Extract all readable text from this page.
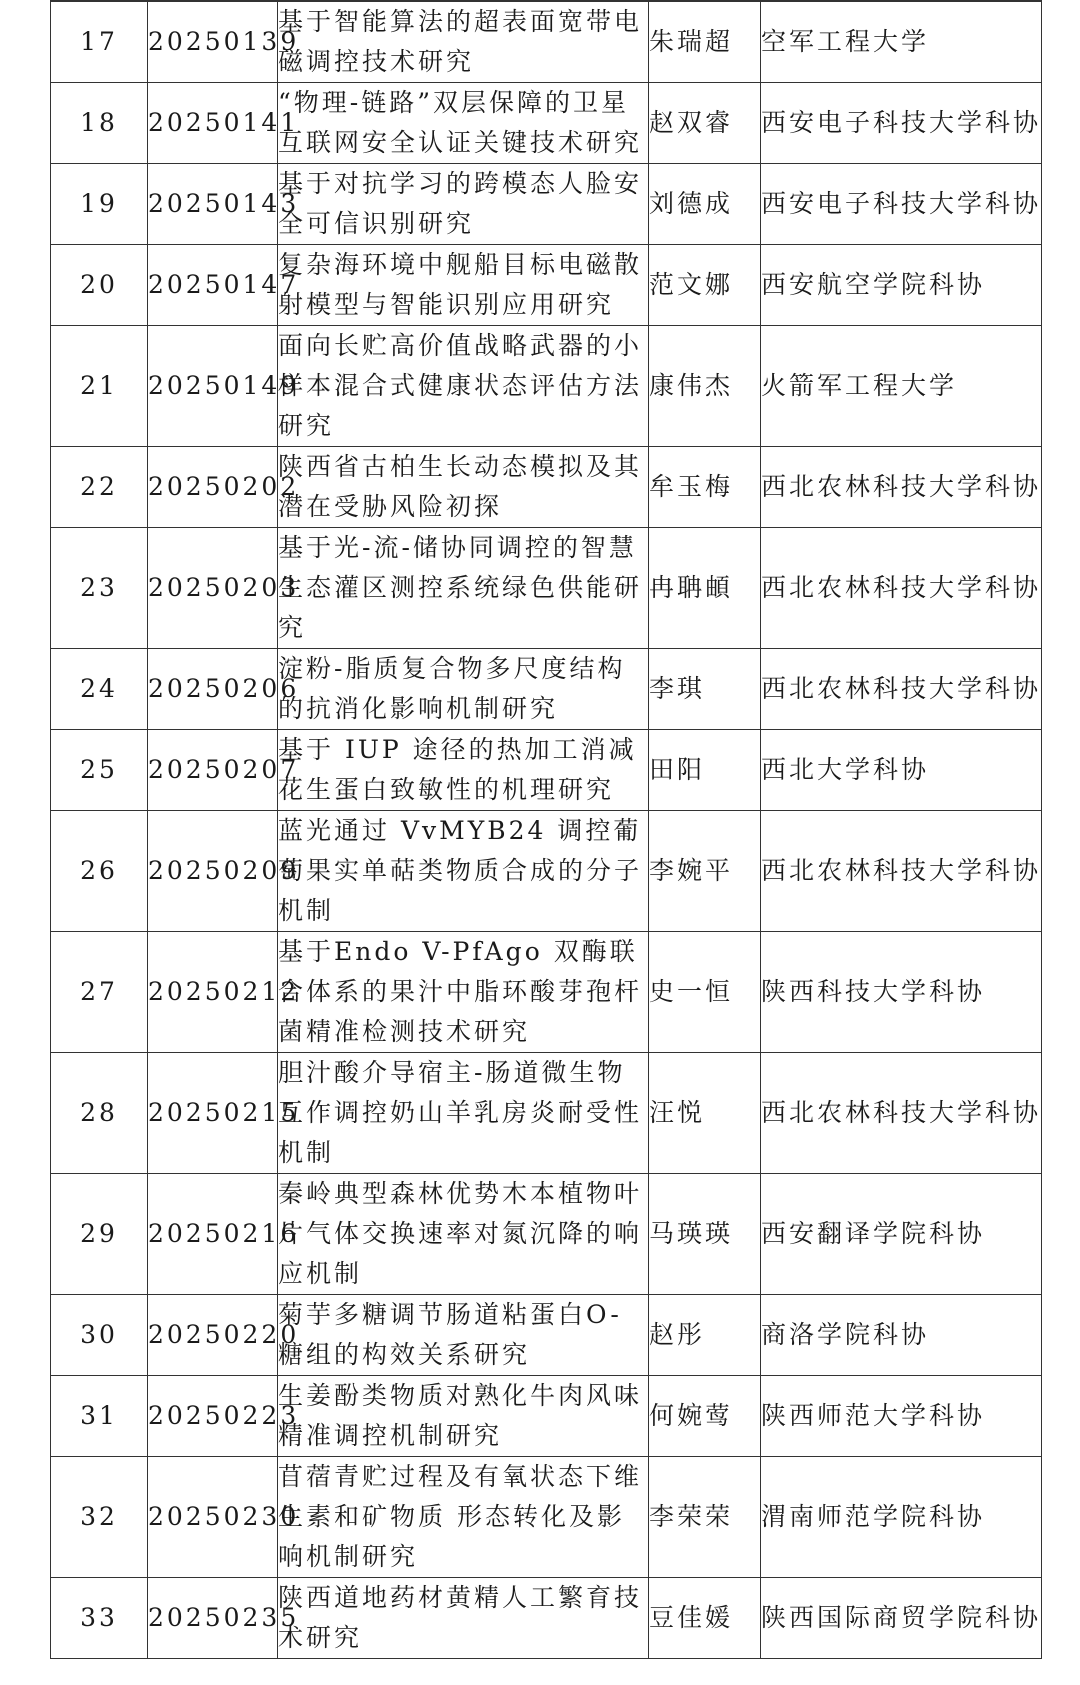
17	20250139	基于智能算法的超表面宽带电磁调控技术研究	朱瑞超	空军工程大学
18	20250141	“物理-链路”双层保障的卫星互联网安全认证关键技术研究	赵双睿	西安电子科技大学科协
19	20250143	基于对抗学习的跨模态人脸安全可信识别研究	刘德成	西安电子科技大学科协
20	20250147	复杂海环境中舰船目标电磁散射模型与智能识别应用研究	范文娜	西安航空学院科协
21	20250149	面向长贮高价值战略武器的小样本混合式健康状态评估方法研究	康伟杰	火箭军工程大学
22	20250202	陕西省古柏生长动态模拟及其潜在受胁风险初探	牟玉梅	西北农林科技大学科协
23	20250203	基于光-流-储协同调控的智慧生态灌区测控系统绿色供能研究	冉聃頔	西北农林科技大学科协
24	20250206	淀粉-脂质复合物多尺度结构的抗消化影响机制研究	李琪	西北农林科技大学科协
25	20250207	基于 IUP 途径的热加工消减花生蛋白致敏性的机理研究	田阳	西北大学科协
26	20250209	蓝光通过 VvMYB24 调控葡萄果实单萜类物质合成的分子机制	李婉平	西北农林科技大学科协
27	20250212	基于Endo V-PfAgo 双酶联合体系的果汁中脂环酸芽孢杆菌精准检测技术研究	史一恒	陕西科技大学科协
28	20250215	胆汁酸介导宿主-肠道微生物互作调控奶山羊乳房炎耐受性机制	汪悦	西北农林科技大学科协
29	20250216	秦岭典型森林优势木本植物叶片气体交换速率对氮沉降的响应机制	马瑛瑛	西安翻译学院科协
30	20250220	菊芋多糖调节肠道粘蛋白O-糖组的构效关系研究	赵彤	商洛学院科协
31	20250223	生姜酚类物质对熟化牛肉风味精准调控机制研究	何婉莺	陕西师范大学科协
32	20250230	苜蓿青贮过程及有氧状态下维生素和矿物质 形态转化及影响机制研究	李荣荣	渭南师范学院科协
33	20250235	陕西道地药材黄精人工繁育技术研究	豆佳媛	陕西国际商贸学院科协
